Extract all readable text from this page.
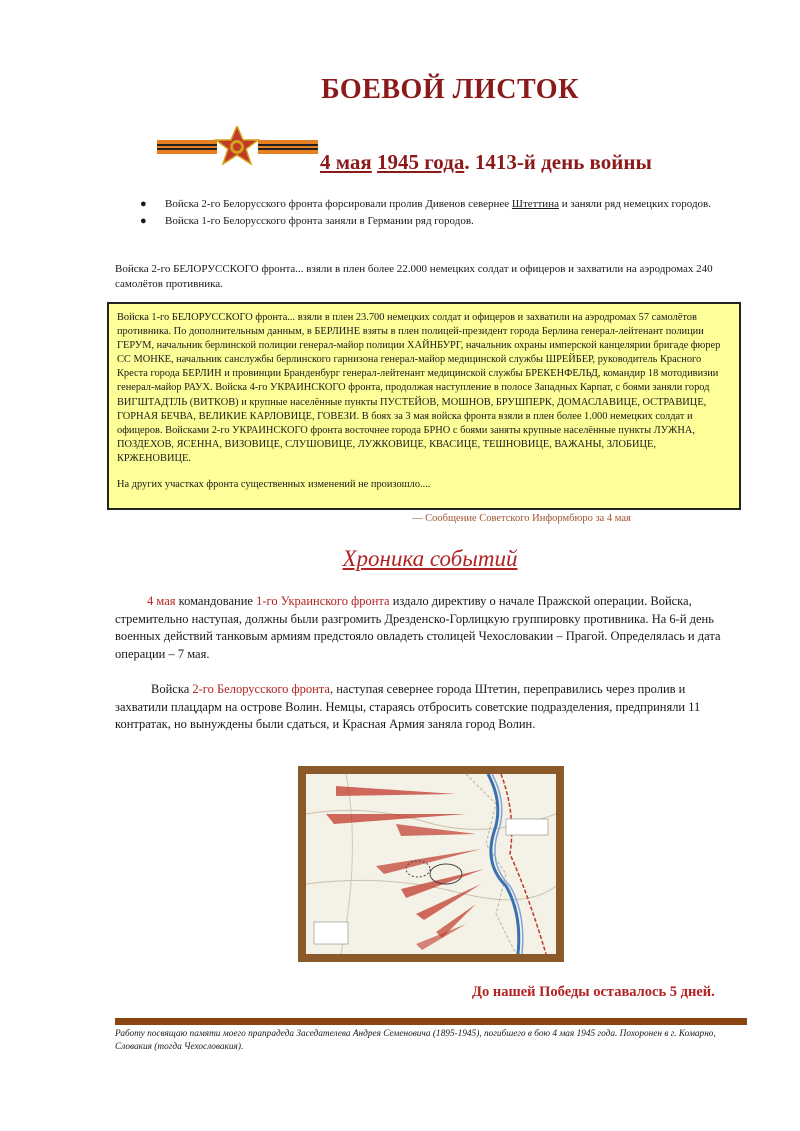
БОЕВОЙ ЛИСТОК
4 мая 1945 года. 1413-й день войны
● Войска 2-го Белорусского фронта форсировали пролив Дивенов севернее Штеттина и заняли ряд немецких городов.
● Войска 1-го Белорусского фронта заняли в Германии ряд городов.
Войска 2-го БЕЛОРУССКОГО фронта... взяли в плен более 22.000 немецких солдат и офицеров и захватили на аэродромах 240 самолётов противника.

Войска 1-го БЕЛОРУССКОГО фронта... взяли в плен 23.700 немецких солдат и офицеров и захватили на аэродромах 57 самолётов противника. По дополнительным данным, в БЕРЛИНЕ взяты в плен полицей-президент города Берлина генерал-лейтенант полиции ГЕРУМ, начальник берлинской полиции генерал-майор полиции ХАЙНБУРГ, начальник охраны имперской канцелярии бригаде фюрер СС МОНКЕ, начальник санслужбы берлинского гарнизона генерал-майор медицинской службы ШРЕЙБЕР, руководитель Красного Креста города БЕРЛИН и провинции Бранденбург генерал-лейтенант медицинской службы БРЕКЕНФЕЛЬД, командир 18 мотодивизии генерал-майор РАУХ. Войска 4-го УКРАИНСКОГО фронта, продолжая наступление в полосе Западных Карпат, с боями заняли город ВИГШТАДТЛЬ (ВИТКОВ) и крупные населённые пункты ПУСТЕЙОВ, МОШНОВ, БРУШПЕРК, ДОМАСЛАВИЦЕ, ОСТРАВИЦЕ, ГОРНАЯ БЕЧВА, ВЕЛИКИЕ КАРЛОВИЦЕ, ГОВЕЗИ. В боях за 3 мая войска фронта взяли в плен более 1.000 немецких солдат и офицеров. Войсками 2-го УКРАИНСКОГО фронта восточнее города БРНО с боями заняты крупные населённые пункты ЛУЖНА, ПОЗДЕХОВ, ЯСЕННА, ВИЗОВИЦЕ, СЛУШОВИЦЕ, ЛУЖКОВИЦЕ, КВАСИЦЕ, ТЕШНОВИЦЕ, ВАЖАНЫ, ЗЛОБИЦЕ, КРЖЕНОВИЦЕ.

На других участках фронта существенных изменений не произошло....

— Сообщение Советского Информбюро за 4 мая
Хроника событий
4 мая командование 1-го Украинского фронта издало директиву о начале Пражской операции. Войска, стремительно наступая, должны были разгромить Дрезденско-Горлицкую группировку противника. На 6-й день военных действий танковым армиям предстояло овладеть столицей Чехословакии – Прагой. Определялась и дата операции – 7 мая.
Войска 2-го Белорусского фронта, наступая севернее города Штетин, переправились через пролив и захватили плацдарм на острове Волин. Немцы, стараясь отбросить советские подразделения, предприняли 11 контратак, но вынуждены были сдаться, и Красная Армия заняла город Волин.
До нашей Победы оставалось 5 дней.
Работу посвящаю памяти моего прапрадеда Заседателева Андрея Семеновича (1895-1945), погибшего в бою 4 мая 1945 года. Похоронен в г. Комарно, Словакия (тогда Чехословакия).
